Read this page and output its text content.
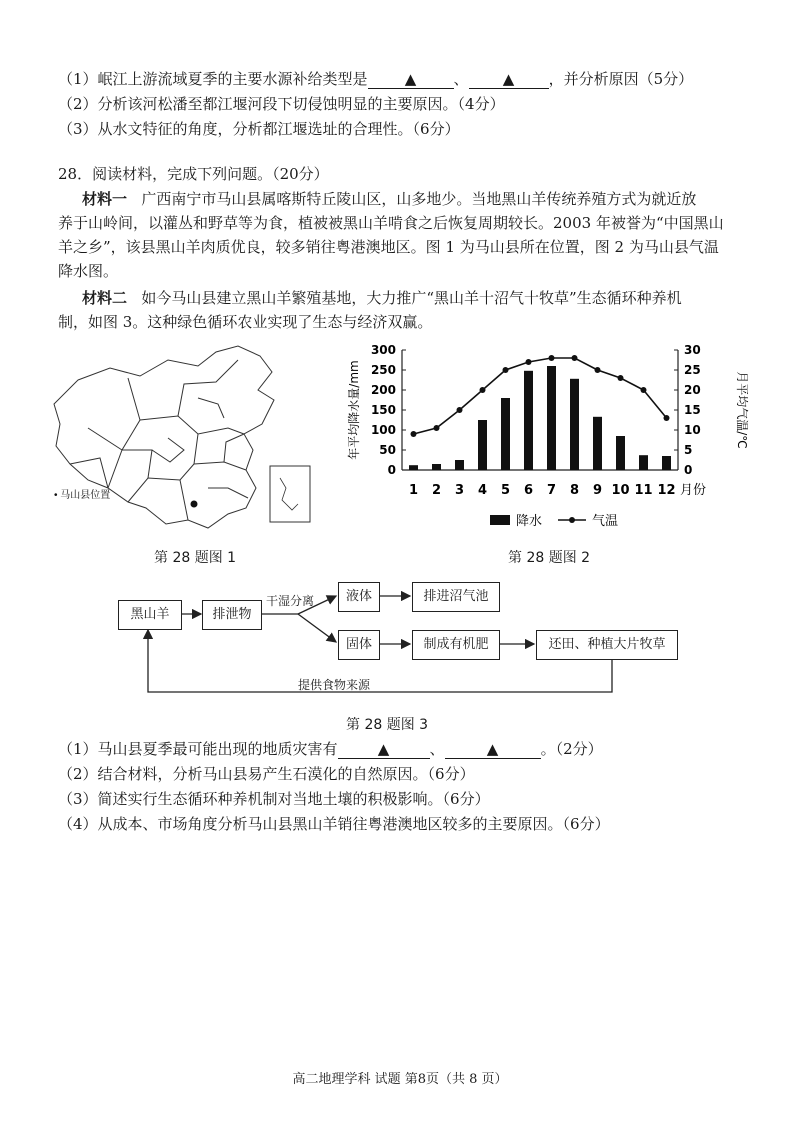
（1）岷江上游流域夏季的主要水源补给类型是 ▲ 、 ▲ ，并分析原因（5分）
（2）分析该河松潘至都江堰河段下切侵蚀明显的主要原因。（4分）
（3）从水文特征的角度，分析都江堰选址的合理性。（6分）
28．阅读材料，完成下列问题。（20分）
材料一 广西南宁市马山县属喀斯特丘陵山区，山多地少。当地黑山羊传统养殖方式为就近放
养于山岭间，以灌丛和野草等为食，植被被黑山羊啃食之后恢复周期较长。2003 年被誉为“中国黑山
羊之乡”，该县黑山羊肉质优良，较多销往粤港澳地区。图 1 为马山县所在位置，图 2 为马山县气温
降水图。
材料二 如今马山县建立黑山羊繁殖基地，大力推广“黑山羊十沼气十牧草”生态循环种养机
制，如图 3。这种绿色循环农业实现了生态与经济双赢。
• 马山县位置
第 28 题图 1
0
50
100
150
200
250
300
0
5
10
15
20
25
30
年平均降水量/mm	月平均气温/℃
1 2 3 4 5 6 7 8 9 10 11 12 月份
降水	气温
第 28 题图 2
黑山羊	排泄物
干湿分离	液体	排进沼气池
固体	制成有机肥	还田、种植大片牧草
提供食物来源
第 28 题图 3
（1）马山县夏季最可能出现的地质灾害有	▲	、	▲	。（2分）
（2）结合材料，分析马山县易产生石漠化的自然原因。（6分）
（3）简述实行生态循环种养机制对当地土壤的积极影响。（6分）
（4）从成本、市场角度分析马山县黑山羊销往粤港澳地区较多的主要原因。（6分）
高二地理学科 试题 第8页（共 8 页）
